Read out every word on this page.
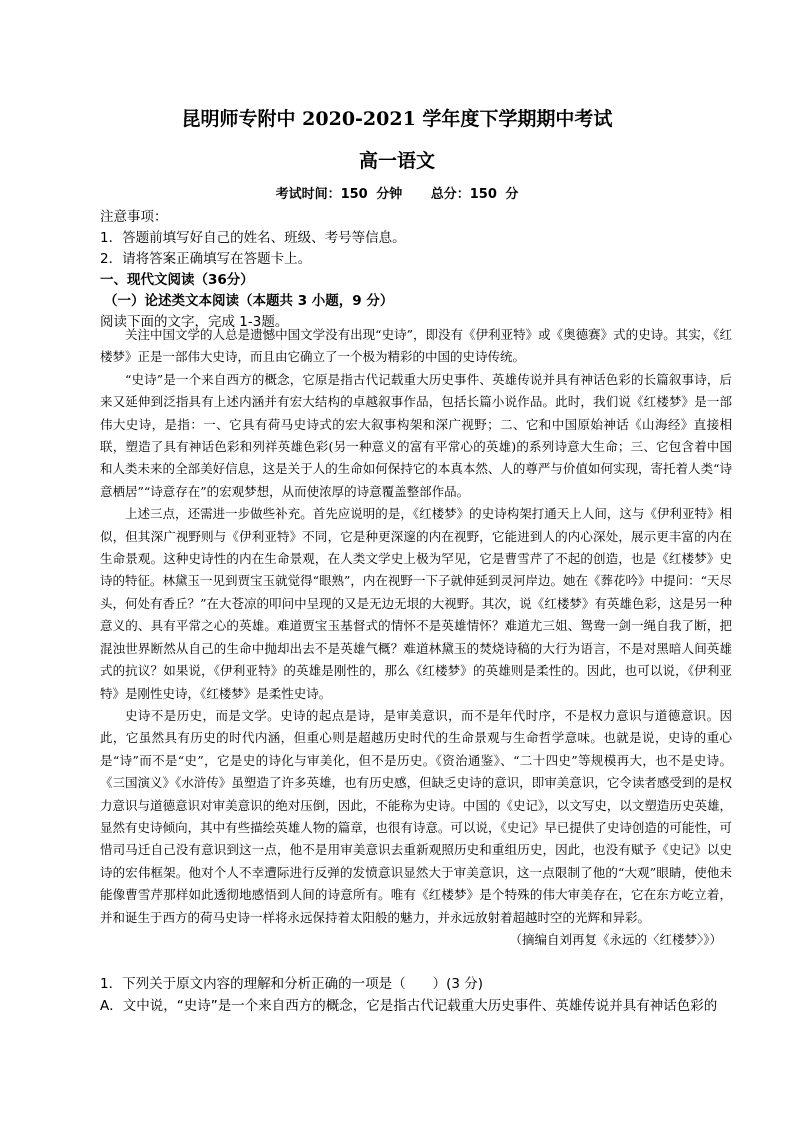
昆明师专附中 2020-2021 学年度下学期期中考试
高一语文
考试时间：150 分钟 总分：150 分
注意事项：
1．答题前填写好自己的姓名、班级、考号等信息。
2．请将答案正确填写在答题卡上。
一、现代文阅读（36分）
（一）论述类文本阅读（本题共 3 小题，9 分）
阅读下面的文字，完成 1-3题。

关注中国文学的人总是遗憾中国文学没有出现“史诗”，即没有《伊利亚特》或《奥德赛》式的史诗。其实，《红楼梦》正是一部伟大史诗，而且由它确立了一个极为精彩的中国的史诗传统。

“史诗”是一个来自西方的概念，它原是指古代记载重大历史事件、英雄传说并具有神话色彩的长篇叙事诗，后来又延伸到泛指具有上述内涵并有宏大结构的卓越叙事作品，包括长篇小说作品。此时，我们说《红楼梦》是一部伟大史诗，是指：一、它具有荷马史诗式的宏大叙事构架和深广视野；二、它和中国原始神话《山海经》直接相联，塑造了具有神话色彩和列祥英雄色彩(另一种意义的富有平常心的英雄)的系列诗意大生命；三、它包含着中国和人类未来的全部美好信息，这是关于人的生命如何保持它的本真本然、人的尊严与价值如何实现，寄托着人类“诗意栖居”“诗意存在”的宏观梦想，从而使浓厚的诗意覆盖整部作品。

上述三点，还需进一步做些补充。首先应说明的是，《红楼梦》的史诗构架打通天上人间，这与《伊利亚特》相似，但其深广视野则与《伊利亚特》不同，它是种更深邃的内在视野，它能进到人的内心深处，展示更丰富的内在生命景观。这种史诗性的内在生命景观，在人类文学史上极为罕见，它是曹雪芹了不起的创造，也是《红楼梦》史诗的特征。林黛玉一见到贾宝玉就觉得“眼熟”，内在视野一下子就伸延到灵河岸边。她在《葬花吟》中提问：“天尽头，何处有香丘？”在大苍凉的叩问中呈现的又是无边无垠的大视野。其次，说《红楼梦》有英雄色彩，这是另一种意义的、具有平常之心的英雄。难道贾宝玉基督式的情怀不是英雄情怀？难道尤三姐、鸳鸯一剑一绳自我了断，把混浊世界断然从自己的生命中抛却出去不是英雄气概？难道林黛玉的焚烧诗稿的大行为语言，不是对黑暗人间英雄式的抗议？如果说，《伊利亚特》的英雄是刚性的，那么《红楼梦》的英雄则是柔性的。因此，也可以说，《伊利亚特》是刚性史诗，《红楼梦》是柔性史诗。

史诗不是历史，而是文学。史诗的起点是诗，是审美意识，而不是年代时序，不是权力意识与道德意识。因此，它虽然具有历史的时代内涵，但重心则是超越历史时代的生命景观与生命哲学意味。也就是说，史诗的重心是“诗”而不是“史”，它是史的诗化与审美化，但不是历史。《资治通鉴》、“二十四史”等规模再大，也不是史诗。《三国演义》《水浒传》虽塑造了许多英雄，也有历史感，但缺乏史诗的意识，即审美意识，它令读者感受到的是权力意识与道德意识对审美意识的绝对压倒，因此，不能称为史诗。中国的《史记》，以文写史，以文塑造历史英雄，显然有史诗倾向，其中有些描绘英雄人物的篇章，也很有诗意。可以说，《史记》早已提供了史诗创造的可能性，可惜司马迁自己没有意识到这一点，他不是用审美意识去重新观照历史和重组历史，因此，也没有赋予《史记》以史诗的宏伟框架。他对个人不幸遭际进行反弹的发愤意识显然大于审美意识，这一点限制了他的“大观”眼睛，使他未能像曹雪芹那样如此透彻地感悟到人间的诗意所有。唯有《红楼梦》是个特殊的伟大审美存在，它在东方屹立着，并和诞生于西方的荷马史诗一样将永远保持着太阳般的魅力，并永远放射着超越时空的光辉和异彩。

（摘编自刘再复《永远的〈红楼梦〉》）

1．下列关于原文内容的理解和分析正确的一项是（　　）(3 分)
A．文中说，“史诗”是一个来自西方的概念，它是指古代记载重大历史事件、英雄传说并具有神话色彩的
